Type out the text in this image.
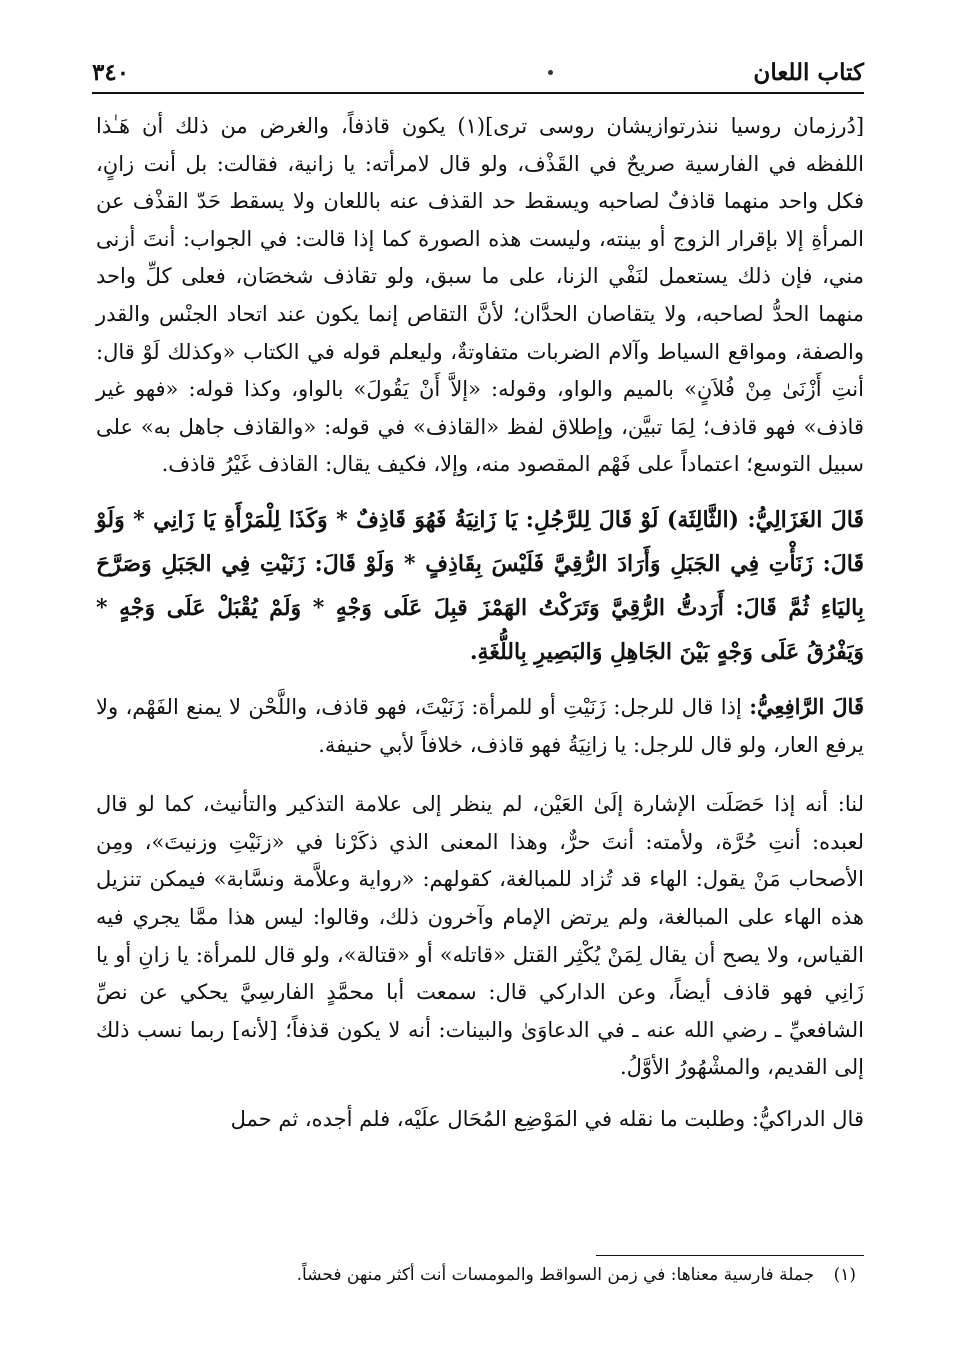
كتاب اللعان
٣٤٠

[دُرزمان روسيا ننذرتوازيشان روسى ترى](١) يكون قاذفاً، والغرض من ذلك أن هَـٰذا اللفظه في الفارسية صريحٌ في القَذْف، ولو قال لامرأته: يا زانية، فقالت: بل أنت زانٍ، فكل واحد منهما قاذفٌ لصاحبه ويسقط حد القذف عنه باللعان ولا يسقط حَدّ القذْف عن المرأةِ إلا بإقرار الزوج أو بينته، وليست هذه الصورة كما إذا قالت: في الجواب: أنتَ أزنى مني، فإن ذلك يستعمل لنَفْي الزنا، على ما سبق، ولو تقاذف شخصَان، فعلى كلِّ واحد منهما الحدُّ لصاحبه، ولا يتقاصان الحدَّان؛ لأنَّ التقاص إنما يكون عند اتحاد الجنْس والقدر والصفة، ومواقع السياط وآلام الضربات متفاوتةٌ، وليعلم قوله في الكتاب «وكذلك لَوْ قال: أنتِ أَزْنَىٰ مِنْ فُلاَنٍ» بالميم والواو، وقوله: «إلاَّ أَنْ يَقُولَ» بالواو، وكذا قوله: «فهو غير قاذف» فهو قاذف؛ لِمَا تبيَّن، وإطلاق لفظ «القاذف» في قوله: «والقاذف جاهل به» على سبيل التوسع؛ اعتماداً على فَهْم المقصود منه، وإلا، فكيف يقال: القاذف غَيْرُ قاذف.

قَالَ الغَزَالِيُّ: (الثَّالِثَة) لَوْ قَالَ لِلرَّجُلِ: يَا زَانِيَةُ فَهُوَ قَاذِفٌ * وَكَذَا لِلْمَرْأَةِ يَا زَانِي * وَلَوْ قَالَ: زَنَأْتِ فِي الجَبَلِ وَأَرَادَ الرُّقِيَّ فَلَيْسَ بِقَاذِفٍ * وَلَوْ قَالَ: زَنَيْتِ فِي الجَبَلِ وَصَرَّحَ بِاليَاءِ ثُمَّ قَالَ: أَرَدتُّ الرُّقِيَّ وَتَرَكْتُ الهَمْزَ قبِلَ عَلَى وَجْهٍ * وَلَمْ يُقْبَلْ عَلَى وَجْهٍ * وَيَفْرُقُ عَلَى وَجْهٍ بَيْنَ الجَاهِلِ وَالبَصِيرِ بِاللُّغَةِ.

قَالَ الرَّافِعِيُّ: إذا قال للرجل: زَنَيْتِ أو للمرأة: زَنَيْتَ، فهو قاذف، واللَّحْن لا يمنع الفَهْم، ولا يرفع العار، ولو قال للرجل: يا زانِيَةُ فهو قاذف، خلافاً لأبي حنيفة.

لنا: أنه إذا حَصَلَت الإشارة إلَىٰ العَيْن، لم ينظر إلى علامة التذكير والتأنيث، كما لو قال لعبده: أنتِ حُرَّة، ولأمته: أنتَ حرٌّ، وهذا المعنى الذي ذكَرْنا في «زنَيْتِ وزنيتَ»، ومِن الأصحاب مَنْ يقول: الهاء قد تُزاد للمبالغة، كقولهم: «رواية وعلاَّمة ونسَّابة» فيمكن تنزيل هذه الهاء على المبالغة، ولم يرتض الإمام وآخرون ذلك، وقالوا: ليس هذا ممَّا يجري فيه القياس، ولا يصح أن يقال لِمَنْ يُكْثِر القتل «قاتله» أو «قتالة»، ولو قال للمرأة: يا زانِ أو يا زَانِي فهو قاذف أيضاً، وعن الداركي قال: سمعت أبا محمَّدٍ الفارسِيَّ يحكي عن نصِّ الشافعيِّ ـ رضي الله عنه ـ في الدعاوَىٰ والبينات: أنه لا يكون قذفاً؛ [لأنه] ربما نسب ذلك إلى القديم، والمشْهُورُ الأوَّلُ.

قال الدراكيُّ: وطلبت ما نقله في المَوْضِع المُحَال علَيْه، فلم أجده، ثم حمل

(١) جملة فارسية معناها: في زمن السواقط والمومسات أنت أكثر منهن فحشاً.
